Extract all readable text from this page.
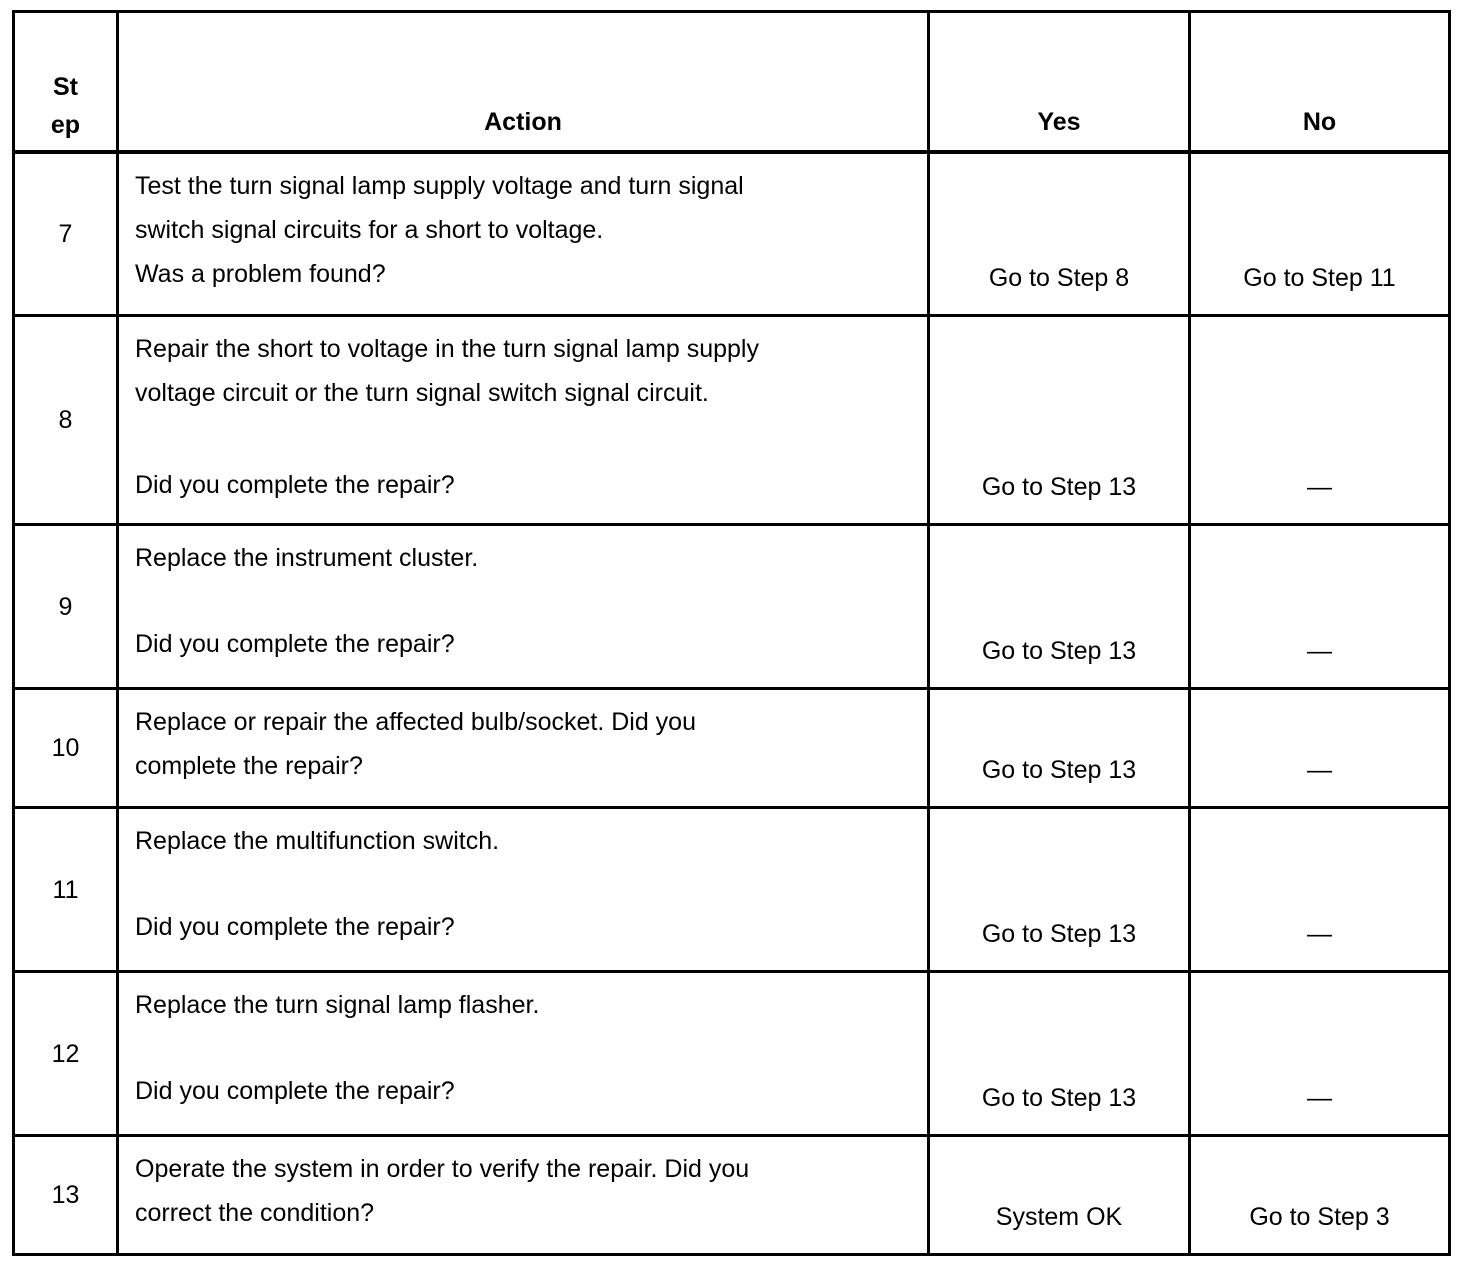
St
ep	Action	Yes	No
7	Test the turn signal lamp supply voltage and turn signal

switch signal circuits for a short to voltage.

Was a problem found?	Go to Step 8	Go to Step 11
8	Repair the short to voltage in the turn signal lamp supply

voltage circuit or the turn signal switch signal circuit.

Did you complete the repair?	Go to Step 13	—
9	Replace the instrument cluster.

Did you complete the repair?	Go to Step 13	—
10	Replace or repair the affected bulb/socket. Did you

complete the repair?	Go to Step 13	—
11	Replace the multifunction switch.

Did you complete the repair?	Go to Step 13	—
12	Replace the turn signal lamp flasher.

Did you complete the repair?	Go to Step 13	—
13	Operate the system in order to verify the repair. Did you

correct the condition?	System OK	Go to Step 3
